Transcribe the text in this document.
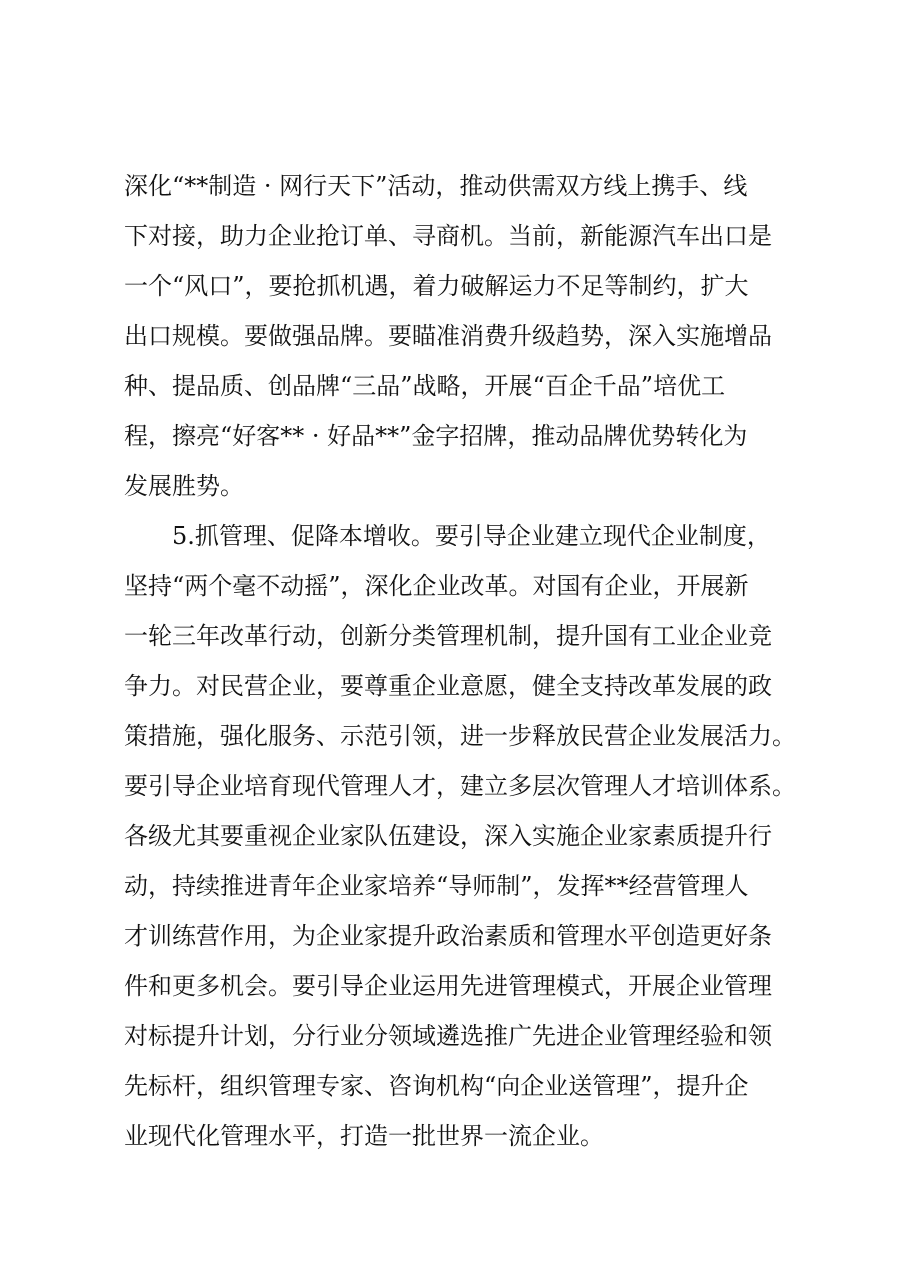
深化“**制造 · 网行天下”活动，推动供需双方线上携手、线
下对接，助力企业抢订单、寻商机。当前，新能源汽车出口是
一个“风口”，要抢抓机遇，着力破解运力不足等制约，扩大
出口规模。要做强品牌。要瞄准消费升级趋势，深入实施增品
种、提品质、创品牌“三品”战略，开展“百企千品”培优工
程，擦亮“好客** · 好品**”金字招牌，推动品牌优势转化为
发展胜势。
5.抓管理、促降本增收。要引导企业建立现代企业制度，
坚持“两个毫不动摇”，深化企业改革。对国有企业，开展新
一轮三年改革行动，创新分类管理机制，提升国有工业企业竞
争力。对民营企业，要尊重企业意愿，健全支持改革发展的政
策措施，强化服务、示范引领，进一步释放民营企业发展活力。
要引导企业培育现代管理人才，建立多层次管理人才培训体系。
各级尤其要重视企业家队伍建设，深入实施企业家素质提升行
动，持续推进青年企业家培养“导师制”，发挥**经营管理人
才训练营作用，为企业家提升政治素质和管理水平创造更好条
件和更多机会。要引导企业运用先进管理模式，开展企业管理
对标提升计划，分行业分领域遴选推广先进企业管理经验和领
先标杆，组织管理专家、咨询机构“向企业送管理”，提升企
业现代化管理水平，打造一批世界一流企业。
